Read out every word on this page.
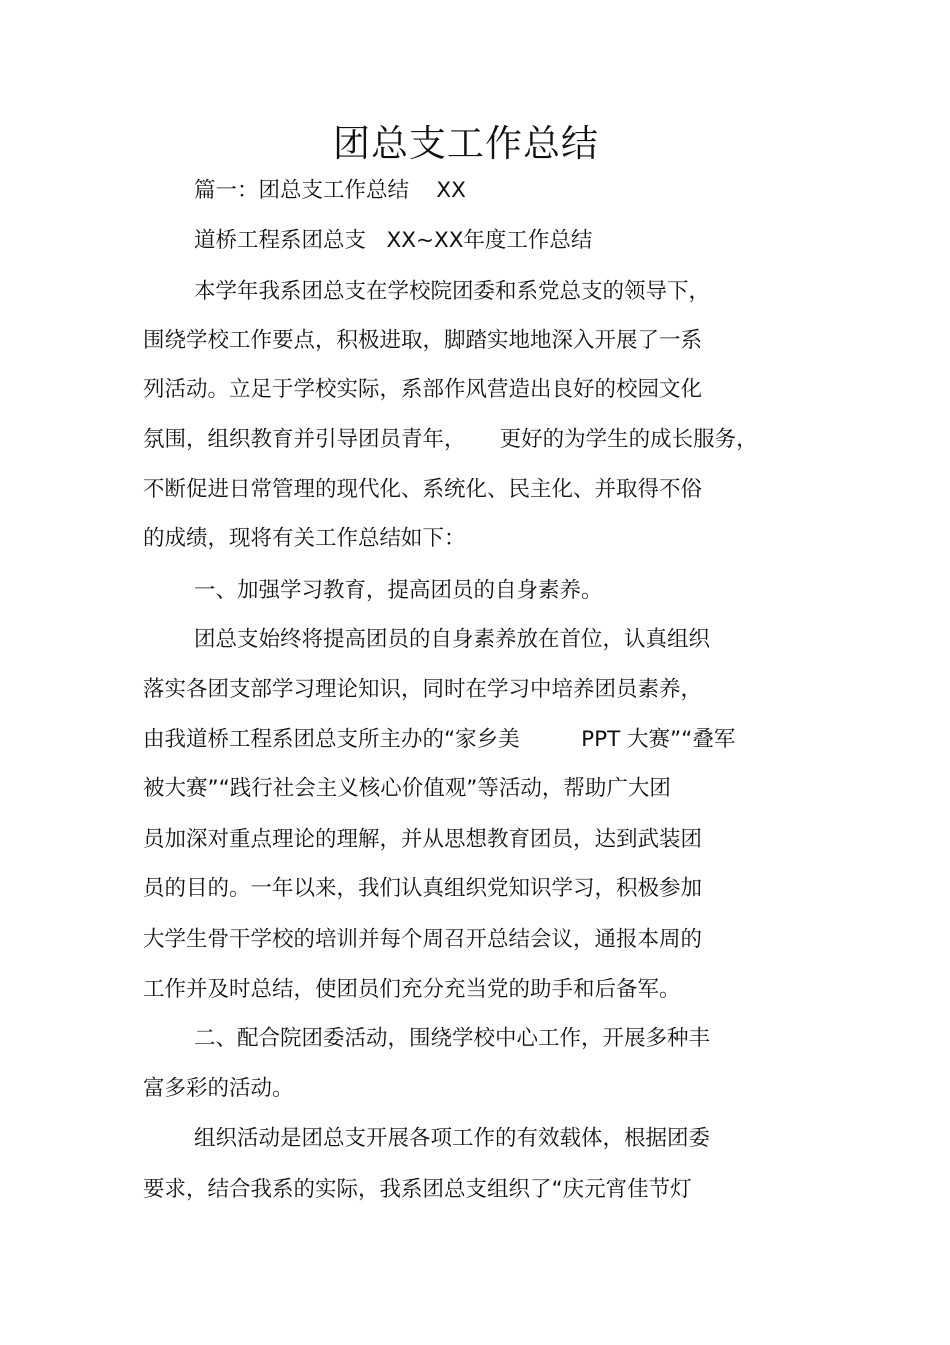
团总支工作总结
篇一：团总支工作总结    XX
道桥工程系团总支   XX~XX年度工作总结
本学年我系团总支在学校院团委和系党总支的领导下，
围绕学校工作要点，积极进取，脚踏实地地深入开展了一系
列活动。立足于学校实际，系部作风营造出良好的校园文化
氛围，组织教育并引导团员青年，     更好的为学生的成长服务，
不断促进日常管理的现代化、系统化、民主化、并取得不俗
的成绩，现将有关工作总结如下：
一、加强学习教育，提高团员的自身素养。
团总支始终将提高团员的自身素养放在首位，认真组织
落实各团支部学习理论知识，同时在学习中培养团员素养，
由我道桥工程系团总支所主办的“家乡美         PPT 大赛”“叠军
被大赛”“践行社会主义核心价值观”等活动，帮助广大团
员加深对重点理论的理解，并从思想教育团员，达到武装团
员的目的。一年以来，我们认真组织党知识学习，积极参加
大学生骨干学校的培训并每个周召开总结会议，通报本周的
工作并及时总结，使团员们充分充当党的助手和后备军。
二、配合院团委活动，围绕学校中心工作，开展多种丰
富多彩的活动。
组织活动是团总支开展各项工作的有效载体，根据团委
要求，结合我系的实际，我系团总支组织了“庆元宵佳节灯
